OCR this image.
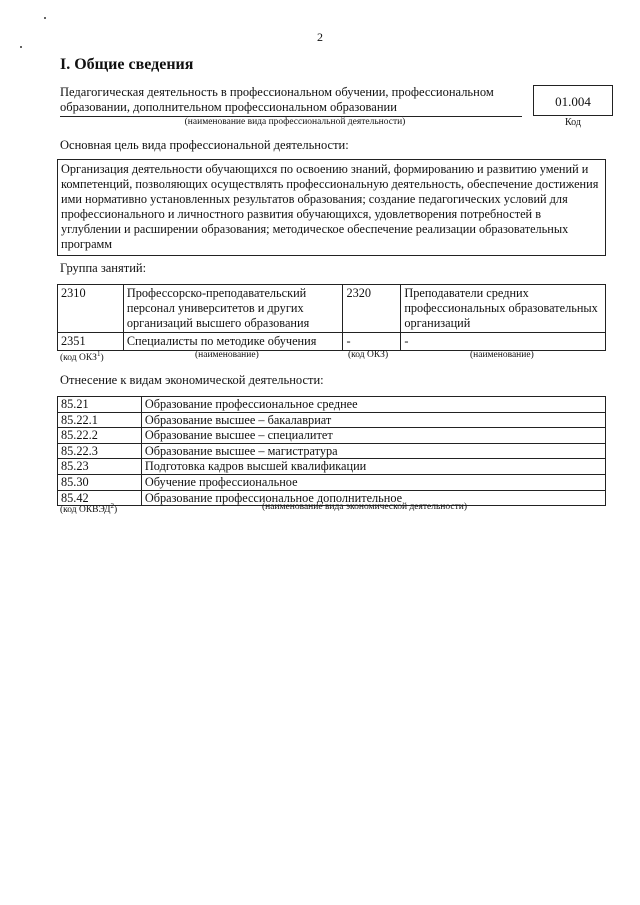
2
I. Общие сведения
Педагогическая деятельность в профессиональном обучении, профессиональном образовании, дополнительном профессиональном образовании	01.004
(наименование вида профессиональной деятельности)	Код
Основная цель вида профессиональной деятельности:
Организация деятельности обучающихся по освоению знаний, формированию и развитию умений и компетенций, позволяющих осуществлять профессиональную деятельность, обеспечение достижения ими нормативно установленных результатов образования; создание педагогических условий для профессионального и личностного развития обучающихся, удовлетворения потребностей в углублении и расширении образования; методическое обеспечение реализации образовательных программ
Группа занятий:
2310	Профессорско-преподавательский персонал университетов и других организаций высшего образования	2320	Преподаватели средних профессиональных образовательных организаций
2351	Специалисты по методике обучения	-	-
(код ОКЗ$^1$)	(наименование)	(код ОКЗ)	(наименование)
Отнесение к видам экономической деятельности:
85.21	Образование профессиональное среднее
85.22.1	Образование высшее – бакалавриат
85.22.2	Образование высшее – специалитет
85.22.3	Образование высшее – магистратура
85.23	Подготовка кадров высшей квалификации
85.30	Обучение профессиональное
85.42	Образование профессиональное дополнительное
(код ОКВЭД$^2$)	(наименование вида экономической деятельности)
